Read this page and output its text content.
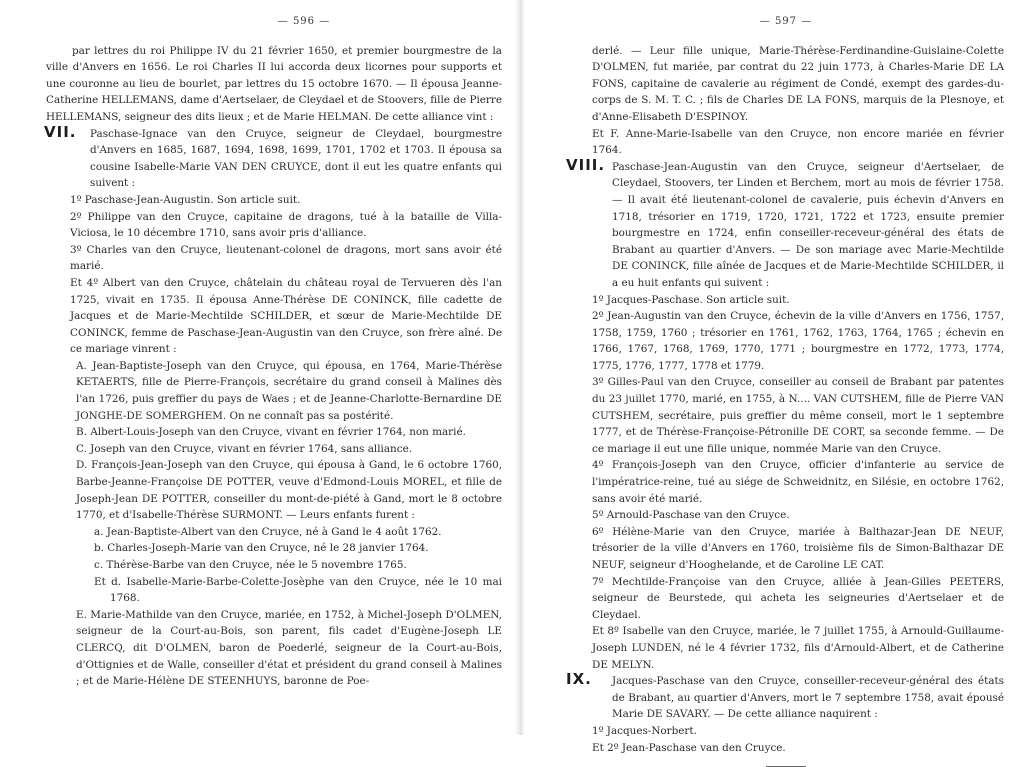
— 596 —

par lettres du roi Philippe IV du 21 février 1650, et premier bourgmestre de la ville d'Anvers en 1656. Le roi Charles II lui accorda deux licornes pour supports et une couronne au lieu de bourlet, par lettres du 15 octobre 1670. — Il épousa Jeanne-Catherine HELLEMANS, dame d'Aertselaer, de Cleydael et de Stoovers, fille de Pierre HELLEMANS, seigneur des dits lieux ; et de Marie HELMAN. De cette alliance vint :

VII. Paschase-Ignace van den Cruyce, seigneur de Cleydael, bourgmestre d'Anvers en 1685, 1687, 1694, 1698, 1699, 1701, 1702 et 1703. Il épousa sa cousine Isabelle-Marie VAN DEN CRUYCE, dont il eut les quatre enfants qui suivent :

1º Paschase-Jean-Augustin. Son article suit.

2º Philippe van den Cruyce, capitaine de dragons, tué à la bataille de Villa-Viciosa, le 10 décembre 1710, sans avoir pris d'alliance.

3º Charles van den Cruyce, lieutenant-colonel de dragons, mort sans avoir été marié.

Et 4º Albert van den Cruyce, châtelain du château royal de Tervueren dès l'an 1725, vivait en 1735. Il épousa Anne-Thérèse DE CONINCK, fille cadette de Jacques et de Marie-Mechtilde SCHILDER, et sœur de Marie-Mechtilde DE CONINCK, femme de Paschase-Jean-Augustin van den Cruyce, son frère aîné. De ce mariage vinrent :

A. Jean-Baptiste-Joseph van den Cruyce, qui épousa, en 1764, Marie-Thérèse KETAERTS, fille de Pierre-François, secrétaire du grand conseil à Malines dès l'an 1726, puis greffier du pays de Waes ; et de Jeanne-Charlotte-Bernardine DE JONGHE-DE SOMERGHEM. On ne connaît pas sa postérité.

B. Albert-Louis-Joseph van den Cruyce, vivant en février 1764, non marié.

C. Joseph van den Cruyce, vivant en février 1764, sans alliance.

D. François-Jean-Joseph van den Cruyce, qui épousa à Gand, le 6 octobre 1760, Barbe-Jeanne-Françoise DE POTTER, veuve d'Edmond-Louis MOREL, et fille de Joseph-Jean DE POTTER, conseiller du mont-de-piété à Gand, mort le 8 octobre 1770, et d'Isabelle-Thérèse SURMONT. — Leurs enfants furent :

a. Jean-Baptiste-Albert van den Cruyce, né à Gand le 4 août 1762.

b. Charles-Joseph-Marie van den Cruyce, né le 28 janvier 1764.

c. Thérèse-Barbe van den Cruyce, née le 5 novembre 1765.

Et d. Isabelle-Marie-Barbe-Colette-Josèphe van den Cruyce, née le 10 mai 1768.

E. Marie-Mathilde van den Cruyce, mariée, en 1752, à Michel-Joseph D'OLMEN, seigneur de la Court-au-Bois, son parent, fils cadet d'Eugène-Joseph LE CLERCQ, dit D'OLMEN, baron de Poederlé, seigneur de la Court-au-Bois, d'Ottignies et de Walle, conseiller d'état et président du grand conseil à Malines ; et de Marie-Hélène DE STEENHUYS, baronne de Poe-

— 597 —

derlé. — Leur fille unique, Marie-Thérèse-Ferdinandine-Guislaine-Colette D'OLMEN, fut mariée, par contrat du 22 juin 1773, à Charles-Marie DE LA FONS, capitaine de cavalerie au régiment de Condé, exempt des gardes-du-corps de S. M. T. C. ; fils de Charles DE LA FONS, marquis de la Plesnoye, et d'Anne-Elisabeth D'ESPINOY.

Et F. Anne-Marie-Isabelle van den Cruyce, non encore mariée en février 1764.

VIII. Paschase-Jean-Augustin van den Cruyce, seigneur d'Aertselaer, de Cleydael, Stoovers, ter Linden et Berchem, mort au mois de février 1758. — Il avait été lieutenant-colonel de cavalerie, puis échevin d'Anvers en 1718, trésorier en 1719, 1720, 1721, 1722 et 1723, ensuite premier bourgmestre en 1724, enfin conseiller-receveur-général des états de Brabant au quartier d'Anvers. — De son mariage avec Marie-Mechtilde DE CONINCK, fille aînée de Jacques et de Marie-Mechtilde SCHILDER, il a eu huit enfants qui suivent :

1º Jacques-Paschase. Son article suit.

2º Jean-Augustin van den Cruyce, échevin de la ville d'Anvers en 1756, 1757, 1758, 1759, 1760 ; trésorier en 1761, 1762, 1763, 1764, 1765 ; échevin en 1766, 1767, 1768, 1769, 1770, 1771 ; bourgmestre en 1772, 1773, 1774, 1775, 1776, 1777, 1778 et 1779.

3º Gilles-Paul van den Cruyce, conseiller au conseil de Brabant par patentes du 23 juillet 1770, marié, en 1755, à N.... VAN CUTSHEM, fille de Pierre VAN CUTSHEM, secrétaire, puis greffier du même conseil, mort le 1 septembre 1777, et de Thérèse-Françoise-Pétronille DE CORT, sa seconde femme. — De ce mariage il eut une fille unique, nommée Marie van den Cruyce.

4º François-Joseph van den Cruyce, officier d'infanterie au service de l'impératrice-reine, tué au siége de Schweidnitz, en Silésie, en octobre 1762, sans avoir été marié.

5º Arnould-Paschase van den Cruyce.

6º Hélène-Marie van den Cruyce, mariée à Balthazar-Jean DE NEUF, trésorier de la ville d'Anvers en 1760, troisième fils de Simon-Balthazar DE NEUF, seigneur d'Hooghelande, et de Caroline LE CAT.

7º Mechtilde-Françoise van den Cruyce, alliée à Jean-Gilles PEETERS, seigneur de Beurstede, qui acheta les seigneuries d'Aertselaer et de Cleydael.

Et 8º Isabelle van den Cruyce, mariée, le 7 juillet 1755, à Arnould-Guillaume-Joseph LUNDEN, né le 4 février 1732, fils d'Arnould-Albert, et de Catherine DE MELYN.

IX. Jacques-Paschase van den Cruyce, conseiller-receveur-général des états de Brabant, au quartier d'Anvers, mort le 7 septembre 1758, avait épousé Marie DE SAVARY. — De cette alliance naquirent :

1º Jacques-Norbert.

Et 2º Jean-Paschase van den Cruyce.
